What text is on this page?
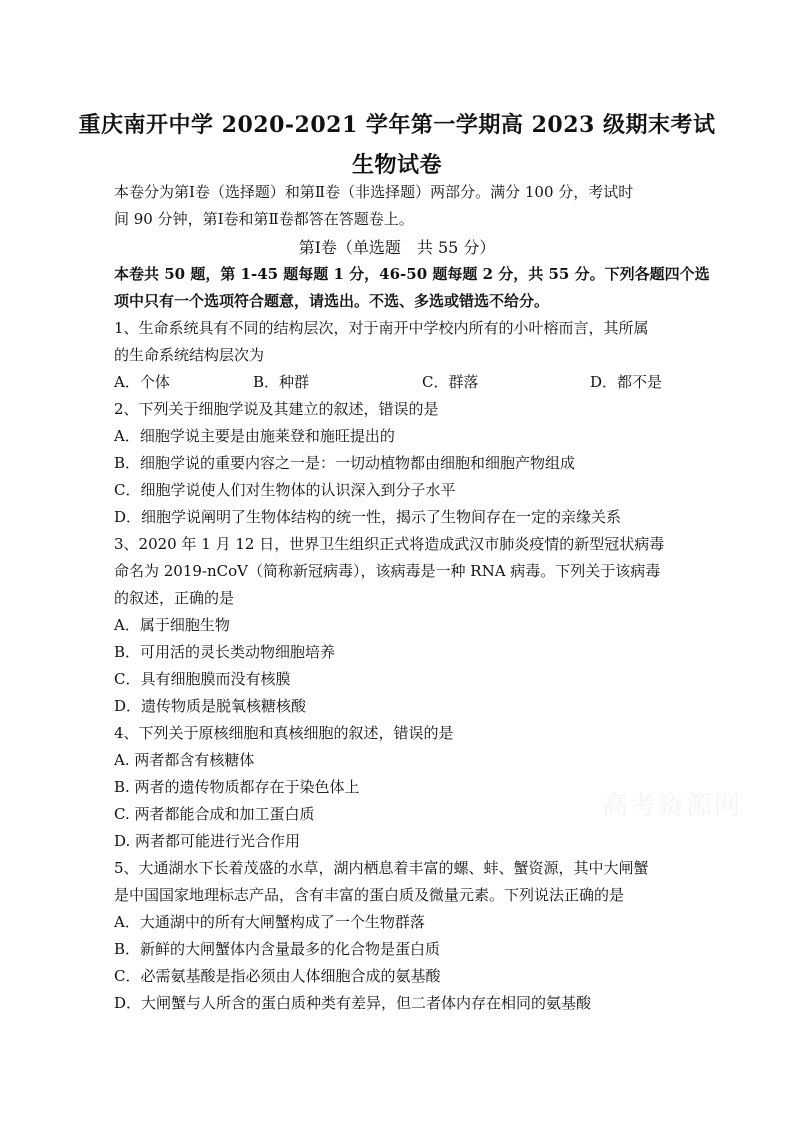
重庆南开中学 2020-2021 学年第一学期高 2023 级期末考试
生物试卷
本卷分为第Ⅰ卷（选择题）和第Ⅱ卷（非选择题）两部分。满分 100 分，考试时
间 90 分钟，第Ⅰ卷和第Ⅱ卷都答在答题卷上。
第Ⅰ卷（单选题　共 55 分）
本卷共 50 题，第 1-45 题每题 1 分，46-50 题每题 2 分，共 55 分。下列各题四个选
项中只有一个选项符合题意，请选出。不选、多选或错选不给分。
1、生命系统具有不同的结构层次，对于南开中学校内所有的小叶榕而言，其所属
的生命系统结构层次为
A．个体	B．种群	C．群落	D．都不是
2、下列关于细胞学说及其建立的叙述，错误的是
A．细胞学说主要是由施莱登和施旺提出的
B．细胞学说的重要内容之一是：一切动植物都由细胞和细胞产物组成
C．细胞学说使人们对生物体的认识深入到分子水平
D．细胞学说阐明了生物体结构的统一性，揭示了生物间存在一定的亲缘关系
3、2020 年 1 月 12 日，世界卫生组织正式将造成武汉市肺炎疫情的新型冠状病毒
命名为 2019-nCoV（简称新冠病毒），该病毒是一种 RNA 病毒。下列关于该病毒
的叙述，正确的是
A．属于细胞生物
B．可用活的灵长类动物细胞培养
C．具有细胞膜而没有核膜
D．遗传物质是脱氧核糖核酸
4、下列关于原核细胞和真核细胞的叙述，错误的是
A. 两者都含有核糖体
B. 两者的遗传物质都存在于染色体上
C. 两者都能合成和加工蛋白质
D. 两者都可能进行光合作用
5、大通湖水下长着茂盛的水草，湖内栖息着丰富的螺、蚌、蟹资源，其中大闸蟹
是中国国家地理标志产品，含有丰富的蛋白质及微量元素。下列说法正确的是
A．大通湖中的所有大闸蟹构成了一个生物群落
B．新鲜的大闸蟹体内含量最多的化合物是蛋白质
C．必需氨基酸是指必须由人体细胞合成的氨基酸
D．大闸蟹与人所含的蛋白质种类有差异，但二者体内存在相同的氨基酸
高考资源网
